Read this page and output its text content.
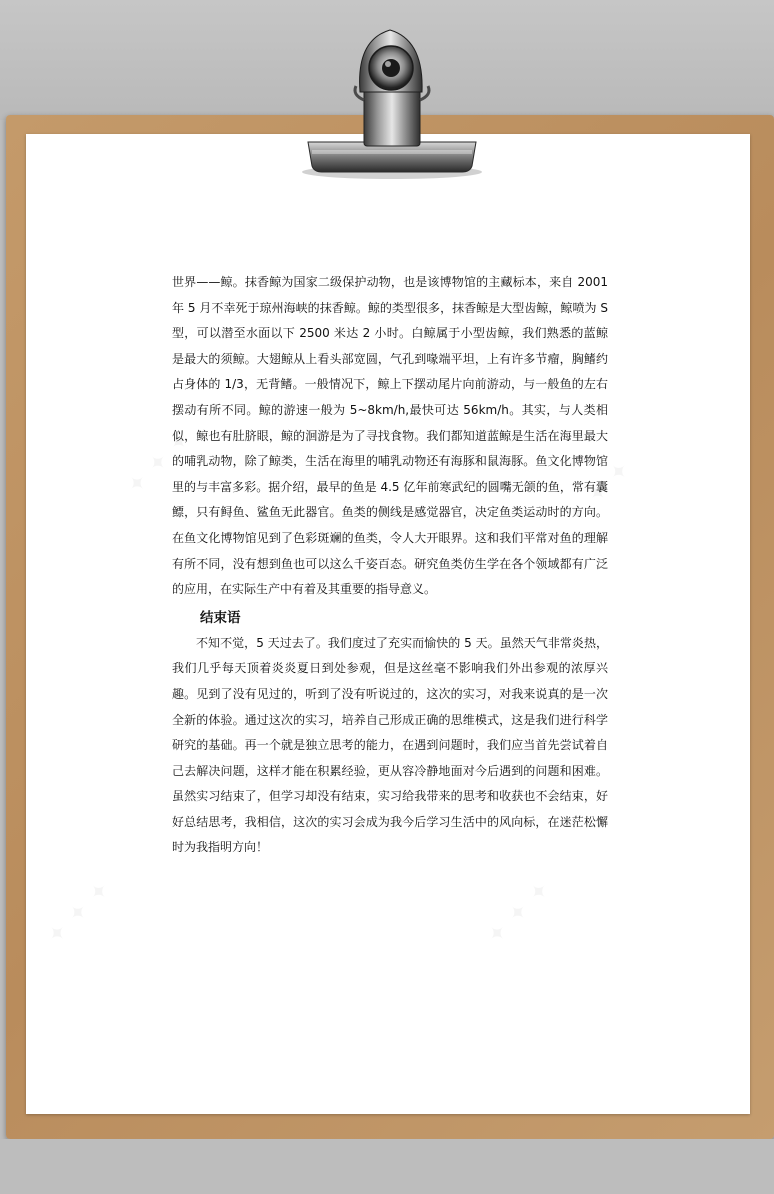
✦ ✦ ✦	✦ ✦ ✦
✦ ✦ ✦	✦ ✦ ✦

世界——鲸。抹香鲸为国家二级保护动物，也是该博物馆的主藏标本，来自 2001 年 5 月不幸死于琼州海峡的抹香鲸。鲸的类型很多，抹香鲸是大型齿鲸，鲸喷为 S 型，可以潜至水面以下 2500 米达 2 小时。白鲸属于小型齿鲸，我们熟悉的蓝鲸是最大的须鲸。大翅鲸从上看头部宽圆，气孔到喙端平坦，上有许多节瘤，胸鳍约占身体的 1/3，无背鳍。一般情况下，鲸上下摆动尾片向前游动，与一般鱼的左右摆动有所不同。鲸的游速一般为 5~8km/h,最快可达 56km/h。其实，与人类相似，鲸也有肚脐眼，鲸的洄游是为了寻找食物。我们都知道蓝鲸是生活在海里最大的哺乳动物，除了鲸类，生活在海里的哺乳动物还有海豚和鼠海豚。鱼文化博物馆里的与丰富多彩。据介绍，最早的鱼是 4.5 亿年前寒武纪的圆嘴无颌的鱼，常有囊鳔，只有鲟鱼、鲨鱼无此器官。鱼类的侧线是感觉器官，决定鱼类运动时的方向。在鱼文化博物馆见到了色彩斑斓的鱼类，令人大开眼界。这和我们平常对鱼的理解有所不同，没有想到鱼也可以这么千姿百态。研究鱼类仿生学在各个领域都有广泛的应用，在实际生产中有着及其重要的指导意义。

结束语

不知不觉，5 天过去了。我们度过了充实而愉快的 5 天。虽然天气非常炎热，我们几乎每天顶着炎炎夏日到处参观，但是这丝毫不影响我们外出参观的浓厚兴趣。见到了没有见过的，听到了没有听说过的，这次的实习，对我来说真的是一次全新的体验。通过这次的实习，培养自己形成正确的思维模式，这是我们进行科学研究的基础。再一个就是独立思考的能力，在遇到问题时，我们应当首先尝试着自己去解决问题，这样才能在积累经验，更从容冷静地面对今后遇到的问题和困难。虽然实习结束了，但学习却没有结束，实习给我带来的思考和收获也不会结束，好好总结思考，我相信，这次的实习会成为我今后学习生活中的风向标，在迷茫松懈时为我指明方向！
